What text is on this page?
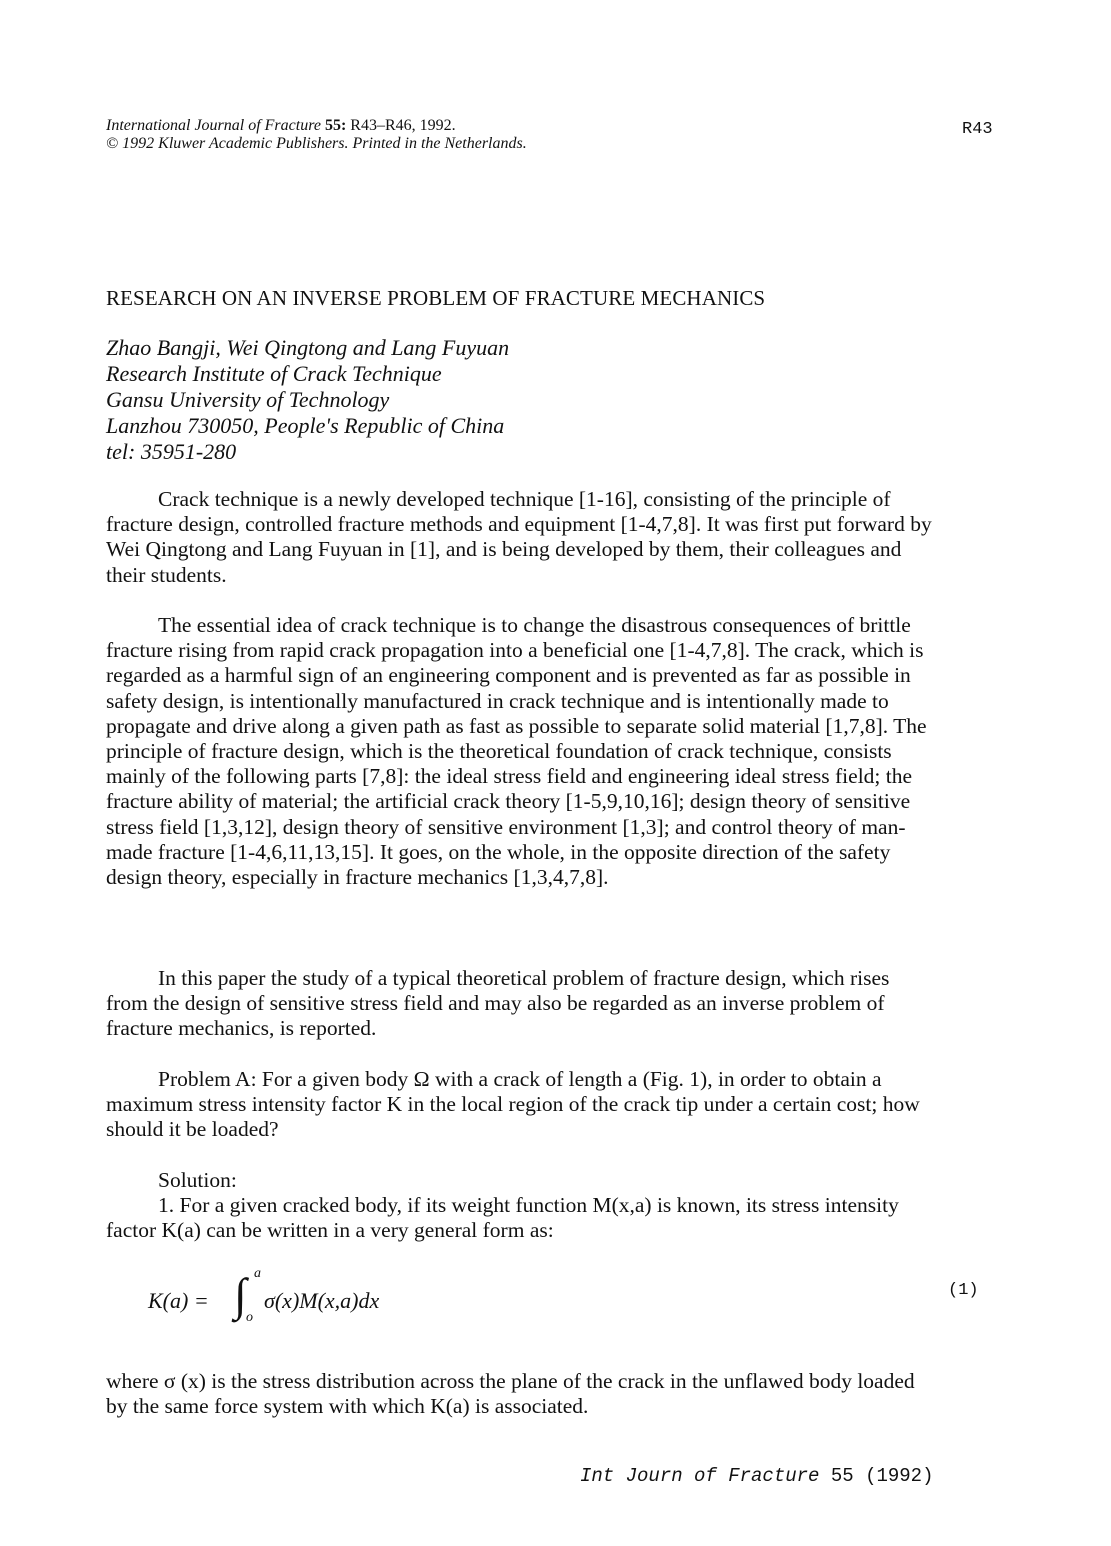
International Journal of Fracture 55: R43–R46, 1992.
© 1992 Kluwer Academic Publishers. Printed in the Netherlands.
R43
RESEARCH ON AN INVERSE PROBLEM OF FRACTURE MECHANICS
Zhao Bangji, Wei Qingtong and Lang Fuyuan
Research Institute of Crack Technique
Gansu University of Technology
Lanzhou 730050, People's Republic of China
tel: 35951-280

Crack technique is a newly developed technique [1-16], consisting of the principle of fracture design, controlled fracture methods and equipment [1-4,7,8]. It was first put forward by Wei Qingtong and Lang Fuyuan in [1], and is being developed by them, their colleagues and their students.

The essential idea of crack technique is to change the disastrous consequences of brittle fracture rising from rapid crack propagation into a beneficial one [1-4,7,8]. The crack, which is regarded as a harmful sign of an engineering component and is prevented as far as possible in safety design, is intentionally manufactured in crack technique and is intentionally made to propagate and drive along a given path as fast as possible to separate solid material [1,7,8]. The principle of fracture design, which is the theoretical foundation of crack technique, consists mainly of the following parts [7,8]: the ideal stress field and engineering ideal stress field; the fracture ability of material; the artificial crack theory [1-5,9,10,16]; design theory of sensitive stress field [1,3,12], design theory of sensitive environment [1,3]; and control theory of man-made fracture [1-4,6,11,13,15]. It goes, on the whole, in the opposite direction of the safety design theory, especially in fracture mechanics [1,3,4,7,8].

In this paper the study of a typical theoretical problem of fracture design, which rises from the design of sensitive stress field and may also be regarded as an inverse problem of fracture mechanics, is reported.

Problem A: For a given body Ω with a crack of length a (Fig. 1), in order to obtain a maximum stress intensity factor K in the local region of the crack tip under a certain cost; how should it be loaded?

Solution:

1. For a given cracked body, if its weight function M(x,a) is known, its stress intensity factor K(a) can be written in a very general form as:

K(a) = ∫ a
o
σ(x)M(x,a)dx	(1)

where σ (x) is the stress distribution across the plane of the crack in the unflawed body loaded by the same force system with which K(a) is associated.

Int Journ of Fracture 55 (1992)
